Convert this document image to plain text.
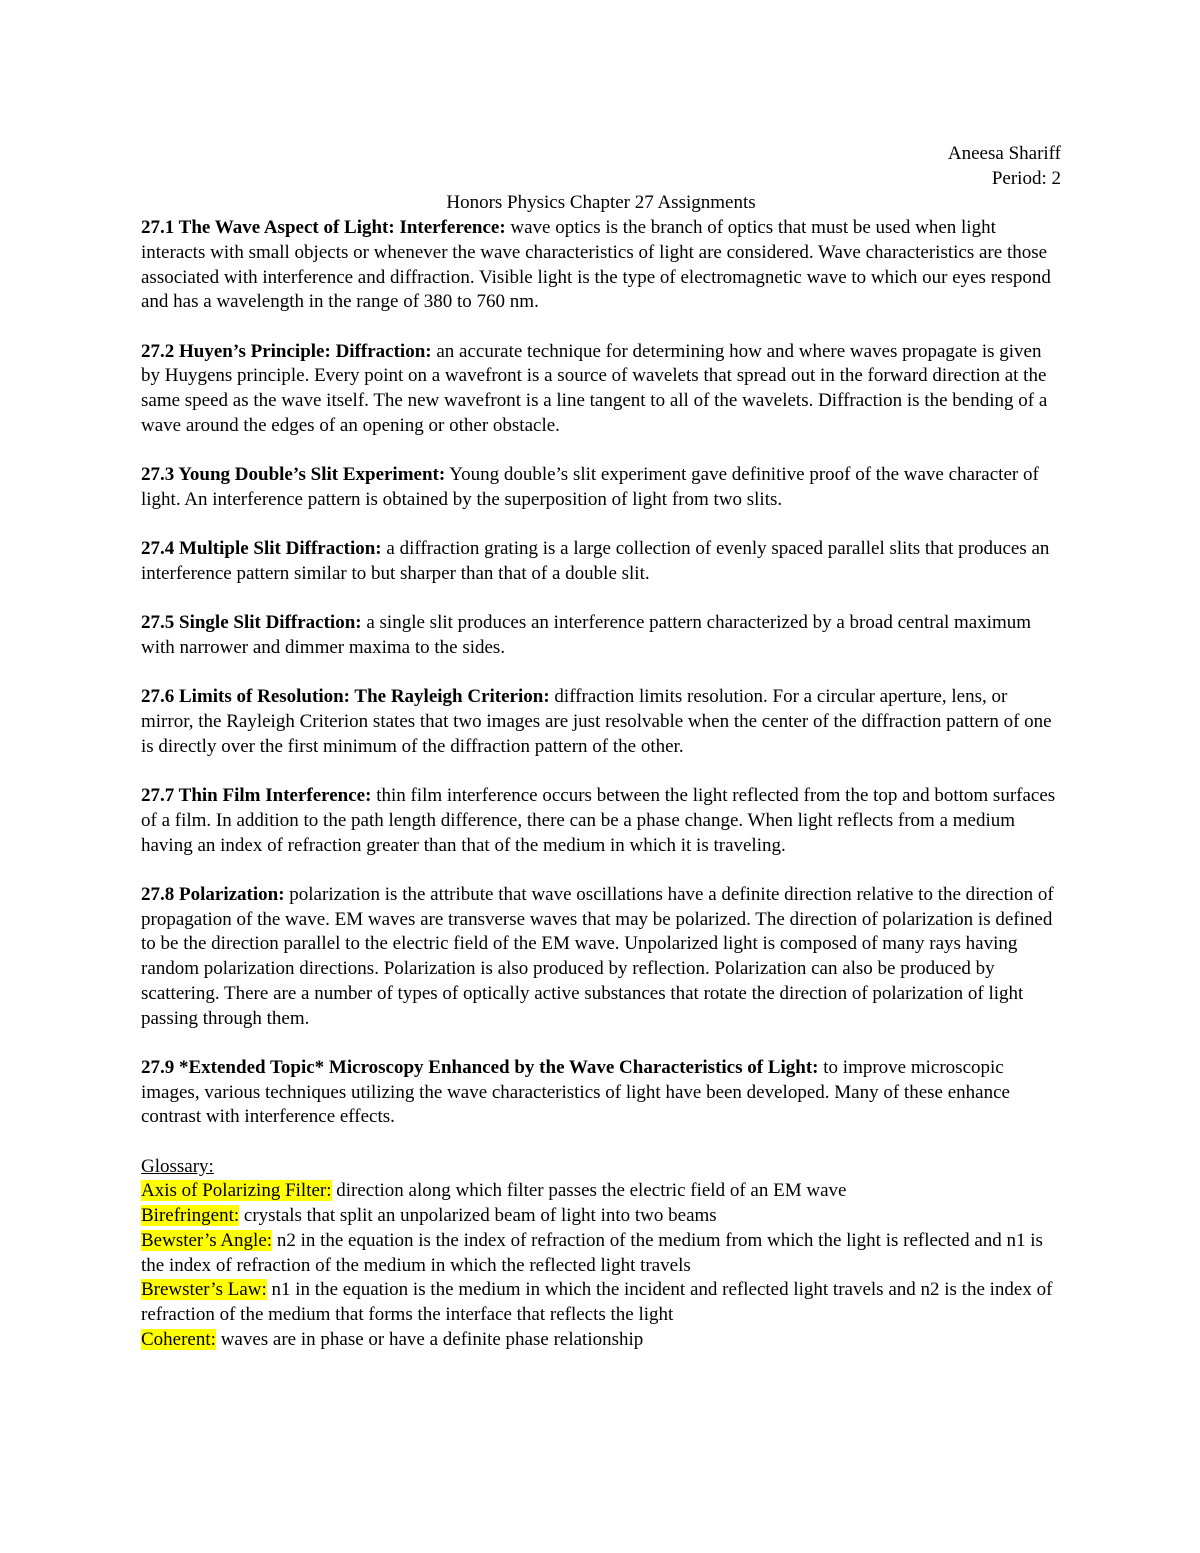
Aneesa Shariff
Period: 2
Honors Physics Chapter 27 Assignments
27.1 The Wave Aspect of Light: Interference: wave optics is the branch of optics that must be used when light interacts with small objects or whenever the wave characteristics of light are considered. Wave characteristics are those associated with interference and diffraction. Visible light is the type of electromagnetic wave to which our eyes respond and has a wavelength in the range of 380 to 760 nm.
27.2 Huyen’s Principle: Diffraction: an accurate technique for determining how and where waves propagate is given by Huygens principle. Every point on a wavefront is a source of wavelets that spread out in the forward direction at the same speed as the wave itself. The new wavefront is a line tangent to all of the wavelets. Diffraction is the bending of a wave around the edges of an opening or other obstacle.
27.3 Young Double’s Slit Experiment: Young double’s slit experiment gave definitive proof of the wave character of light. An interference pattern is obtained by the superposition of light from two slits.
27.4 Multiple Slit Diffraction: a diffraction grating is a large collection of evenly spaced parallel slits that produces an interference pattern similar to but sharper than that of a double slit.
27.5 Single Slit Diffraction: a single slit produces an interference pattern characterized by a broad central maximum with narrower and dimmer maxima to the sides.
27.6 Limits of Resolution: The Rayleigh Criterion: diffraction limits resolution. For a circular aperture, lens, or mirror, the Rayleigh Criterion states that two images are just resolvable when the center of the diffraction pattern of one is directly over the first minimum of the diffraction pattern of the other.
27.7 Thin Film Interference: thin film interference occurs between the light reflected from the top and bottom surfaces of a film. In addition to the path length difference, there can be a phase change. When light reflects from a medium having an index of refraction greater than that of the medium in which it is traveling.
27.8 Polarization: polarization is the attribute that wave oscillations have a definite direction relative to the direction of propagation of the wave. EM waves are transverse waves that may be polarized. The direction of polarization is defined to be the direction parallel to the electric field of the EM wave. Unpolarized light is composed of many rays having random polarization directions. Polarization is also produced by reflection. Polarization can also be produced by scattering. There are a number of types of optically active substances that rotate the direction of polarization of light passing through them.
27.9 *Extended Topic* Microscopy Enhanced by the Wave Characteristics of Light: to improve microscopic images, various techniques utilizing the wave characteristics of light have been developed. Many of these enhance contrast with interference effects.
Glossary:

Axis of Polarizing Filter: direction along which filter passes the electric field of an EM wave

Birefringent: crystals that split an unpolarized beam of light into two beams

Bewster’s Angle: n2 in the equation is the index of refraction of the medium from which the light is reflected and n1 is the index of refraction of the medium in which the reflected light travels

Brewster’s Law: n1 in the equation is the medium in which the incident and reflected light travels and n2 is the index of refraction of the medium that forms the interface that reflects the light

Coherent: waves are in phase or have a definite phase relationship
